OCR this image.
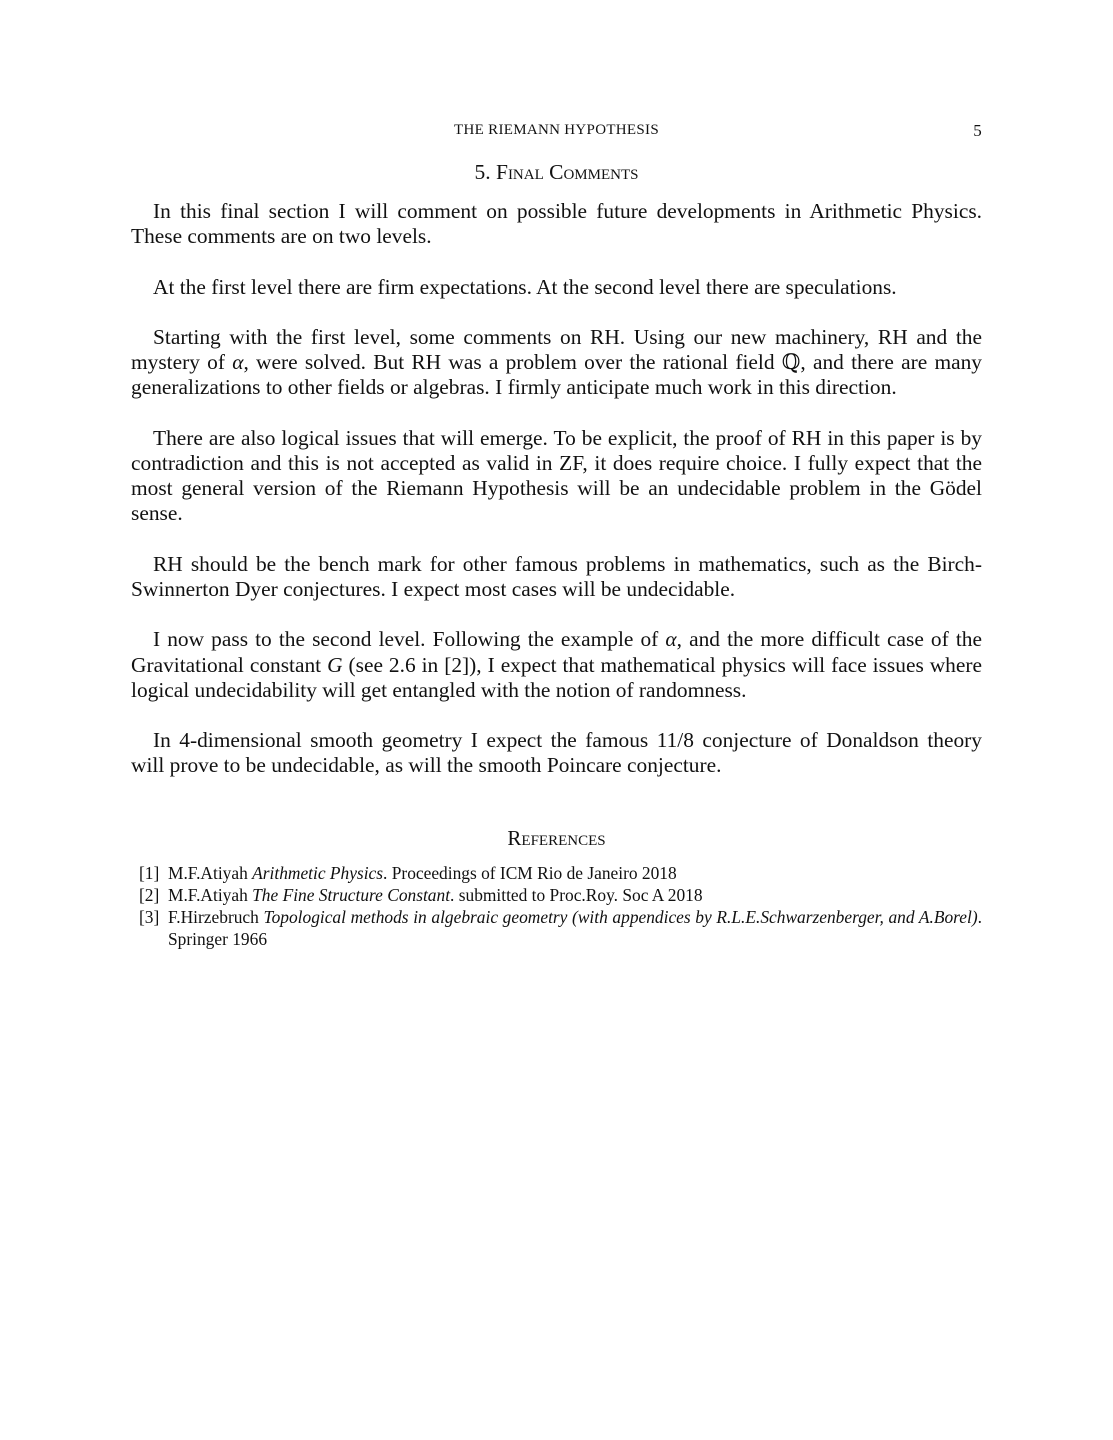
THE RIEMANN HYPOTHESIS	5
5. Final Comments

In this final section I will comment on possible future developments in Arithmetic Physics. These comments are on two levels.

At the first level there are firm expectations. At the second level there are speculations.

Starting with the first level, some comments on RH. Using our new machinery, RH and the mystery of α, were solved. But RH was a problem over the rational field ℚ, and there are many generalizations to other fields or algebras. I firmly anticipate much work in this direction.

There are also logical issues that will emerge. To be explicit, the proof of RH in this paper is by contradiction and this is not accepted as valid in ZF, it does require choice. I fully expect that the most general version of the Riemann Hypothesis will be an undecidable problem in the Gödel sense.

RH should be the bench mark for other famous problems in mathematics, such as the Birch-Swinnerton Dyer conjectures. I expect most cases will be undecidable.

I now pass to the second level. Following the example of α, and the more difficult case of the Gravitational constant G (see 2.6 in [2]), I expect that mathematical physics will face issues where logical undecidability will get entangled with the notion of randomness.

In 4-dimensional smooth geometry I expect the famous 11/8 conjecture of Donaldson theory will prove to be undecidable, as will the smooth Poincare conjecture.

References
[1] M.F.Atiyah Arithmetic Physics. Proceedings of ICM Rio de Janeiro 2018
[2] M.F.Atiyah The Fine Structure Constant. submitted to Proc.Roy. Soc A 2018
[3] F.Hirzebruch Topological methods in algebraic geometry (with appendices by R.L.E.Schwarzenberger, and A.Borel). Springer 1966
